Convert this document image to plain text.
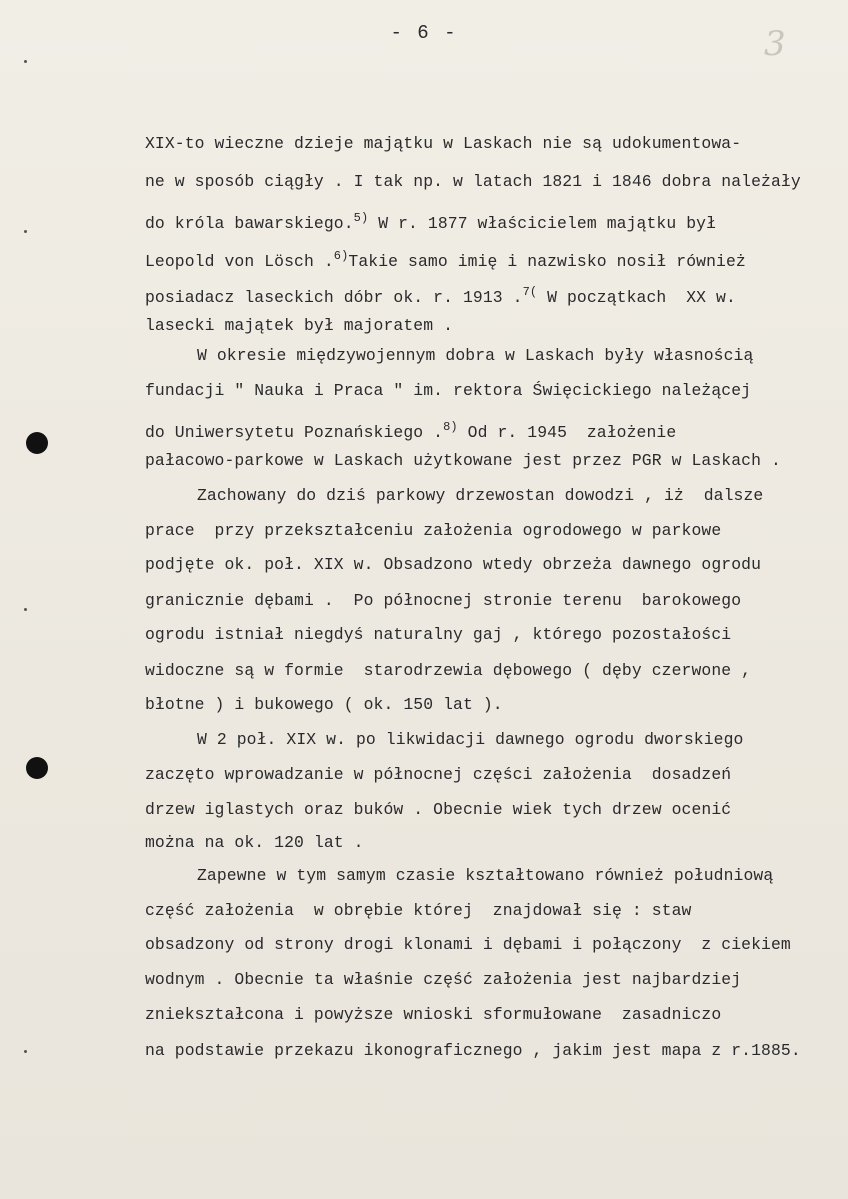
- 6 -	3
XIX-to wieczne dzieje majątku w Laskach nie są udokumentowa-
ne w sposób ciągły . I tak np. w latach 1821 i 1846 dobra należały
do króla bawarskiego.$^{5)}$ W r. 1877 właścicielem majątku był
Leopold von Lösch .$^{6)}$Takie samo imię i nazwisko nosił również
posiadacz laseckich dóbr ok. r. 1913 .$^{7(}$ W początkach  XX w.
lasecki majątek był majoratem .
W okresie międzywojennym dobra w Laskach były własnością
fundacji " Nauka i Praca " im. rektora Święcickiego należącej
do Uniwersytetu Poznańskiego .$^{8)}$ Od r. 1945  założenie
pałacowo-parkowe w Laskach użytkowane jest przez PGR w Laskach .
Zachowany do dziś parkowy drzewostan dowodzi , iż  dalsze
prace  przy przekształceniu założenia ogrodowego w parkowe
podjęte ok. poł. XIX w. Obsadzono wtedy obrzeża dawnego ogrodu
granicznie dębami .  Po północnej stronie terenu  barokowego
ogrodu istniał niegdyś naturalny gaj , którego pozostałości
widoczne są w formie  starodrzewia dębowego ( dęby czerwone ,
błotne ) i bukowego ( ok. 150 lat ).
W 2 poł. XIX w. po likwidacji dawnego ogrodu dworskiego
zaczęto wprowadzanie w północnej części założenia  dosadzeń
drzew iglastych oraz buków . Obecnie wiek tych drzew ocenić
można na ok. 120 lat .
Zapewne w tym samym czasie kształtowano również południową
część założenia  w obrębie której  znajdował się : staw
obsadzony od strony drogi klonami i dębami i połączony  z ciekiem
wodnym . Obecnie ta właśnie część założenia jest najbardziej
zniekształcona i powyższe wnioski sformułowane  zasadniczo
na podstawie przekazu ikonograficznego , jakim jest mapa z r.1885.
